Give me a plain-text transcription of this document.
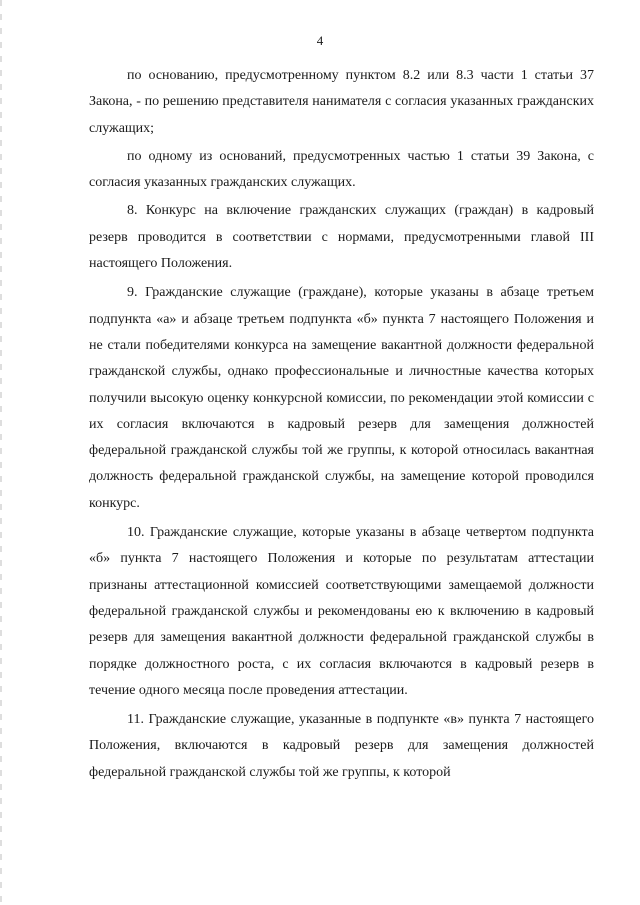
4

по основанию, предусмотренному пунктом 8.2 или 8.3 части 1 статьи 37 Закона, - по решению представителя нанимателя с согласия указанных гражданских служащих;

по одному из оснований, предусмотренных частью 1 статьи 39 Закона, с согласия указанных гражданских служащих.

8. Конкурс на включение гражданских служащих (граждан) в кадровый резерв проводится в соответствии с нормами, предусмотренными главой III настоящего Положения.

9. Гражданские служащие (граждане), которые указаны в абзаце третьем подпункта «а» и абзаце третьем подпункта «б» пункта 7 настоящего Положения и не стали победителями конкурса на замещение вакантной должности федеральной гражданской службы, однако профессиональные и личностные качества которых получили высокую оценку конкурсной комиссии, по рекомендации этой комиссии с их согласия включаются в кадровый резерв для замещения должностей федеральной гражданской службы той же группы, к которой относилась вакантная должность федеральной гражданской службы, на замещение которой проводился конкурс.

10. Гражданские служащие, которые указаны в абзаце четвертом подпункта «б» пункта 7 настоящего Положения и которые по результатам аттестации признаны аттестационной комиссией соответствующими замещаемой должности федеральной гражданской службы и рекомендованы ею к включению в кадровый резерв для замещения вакантной должности федеральной гражданской службы в порядке должностного роста, с их согласия включаются в кадровый резерв в течение одного месяца после проведения аттестации.

11. Гражданские служащие, указанные в подпункте «в» пункта 7 настоящего Положения, включаются в кадровый резерв для замещения должностей федеральной гражданской службы той же группы, к которой
